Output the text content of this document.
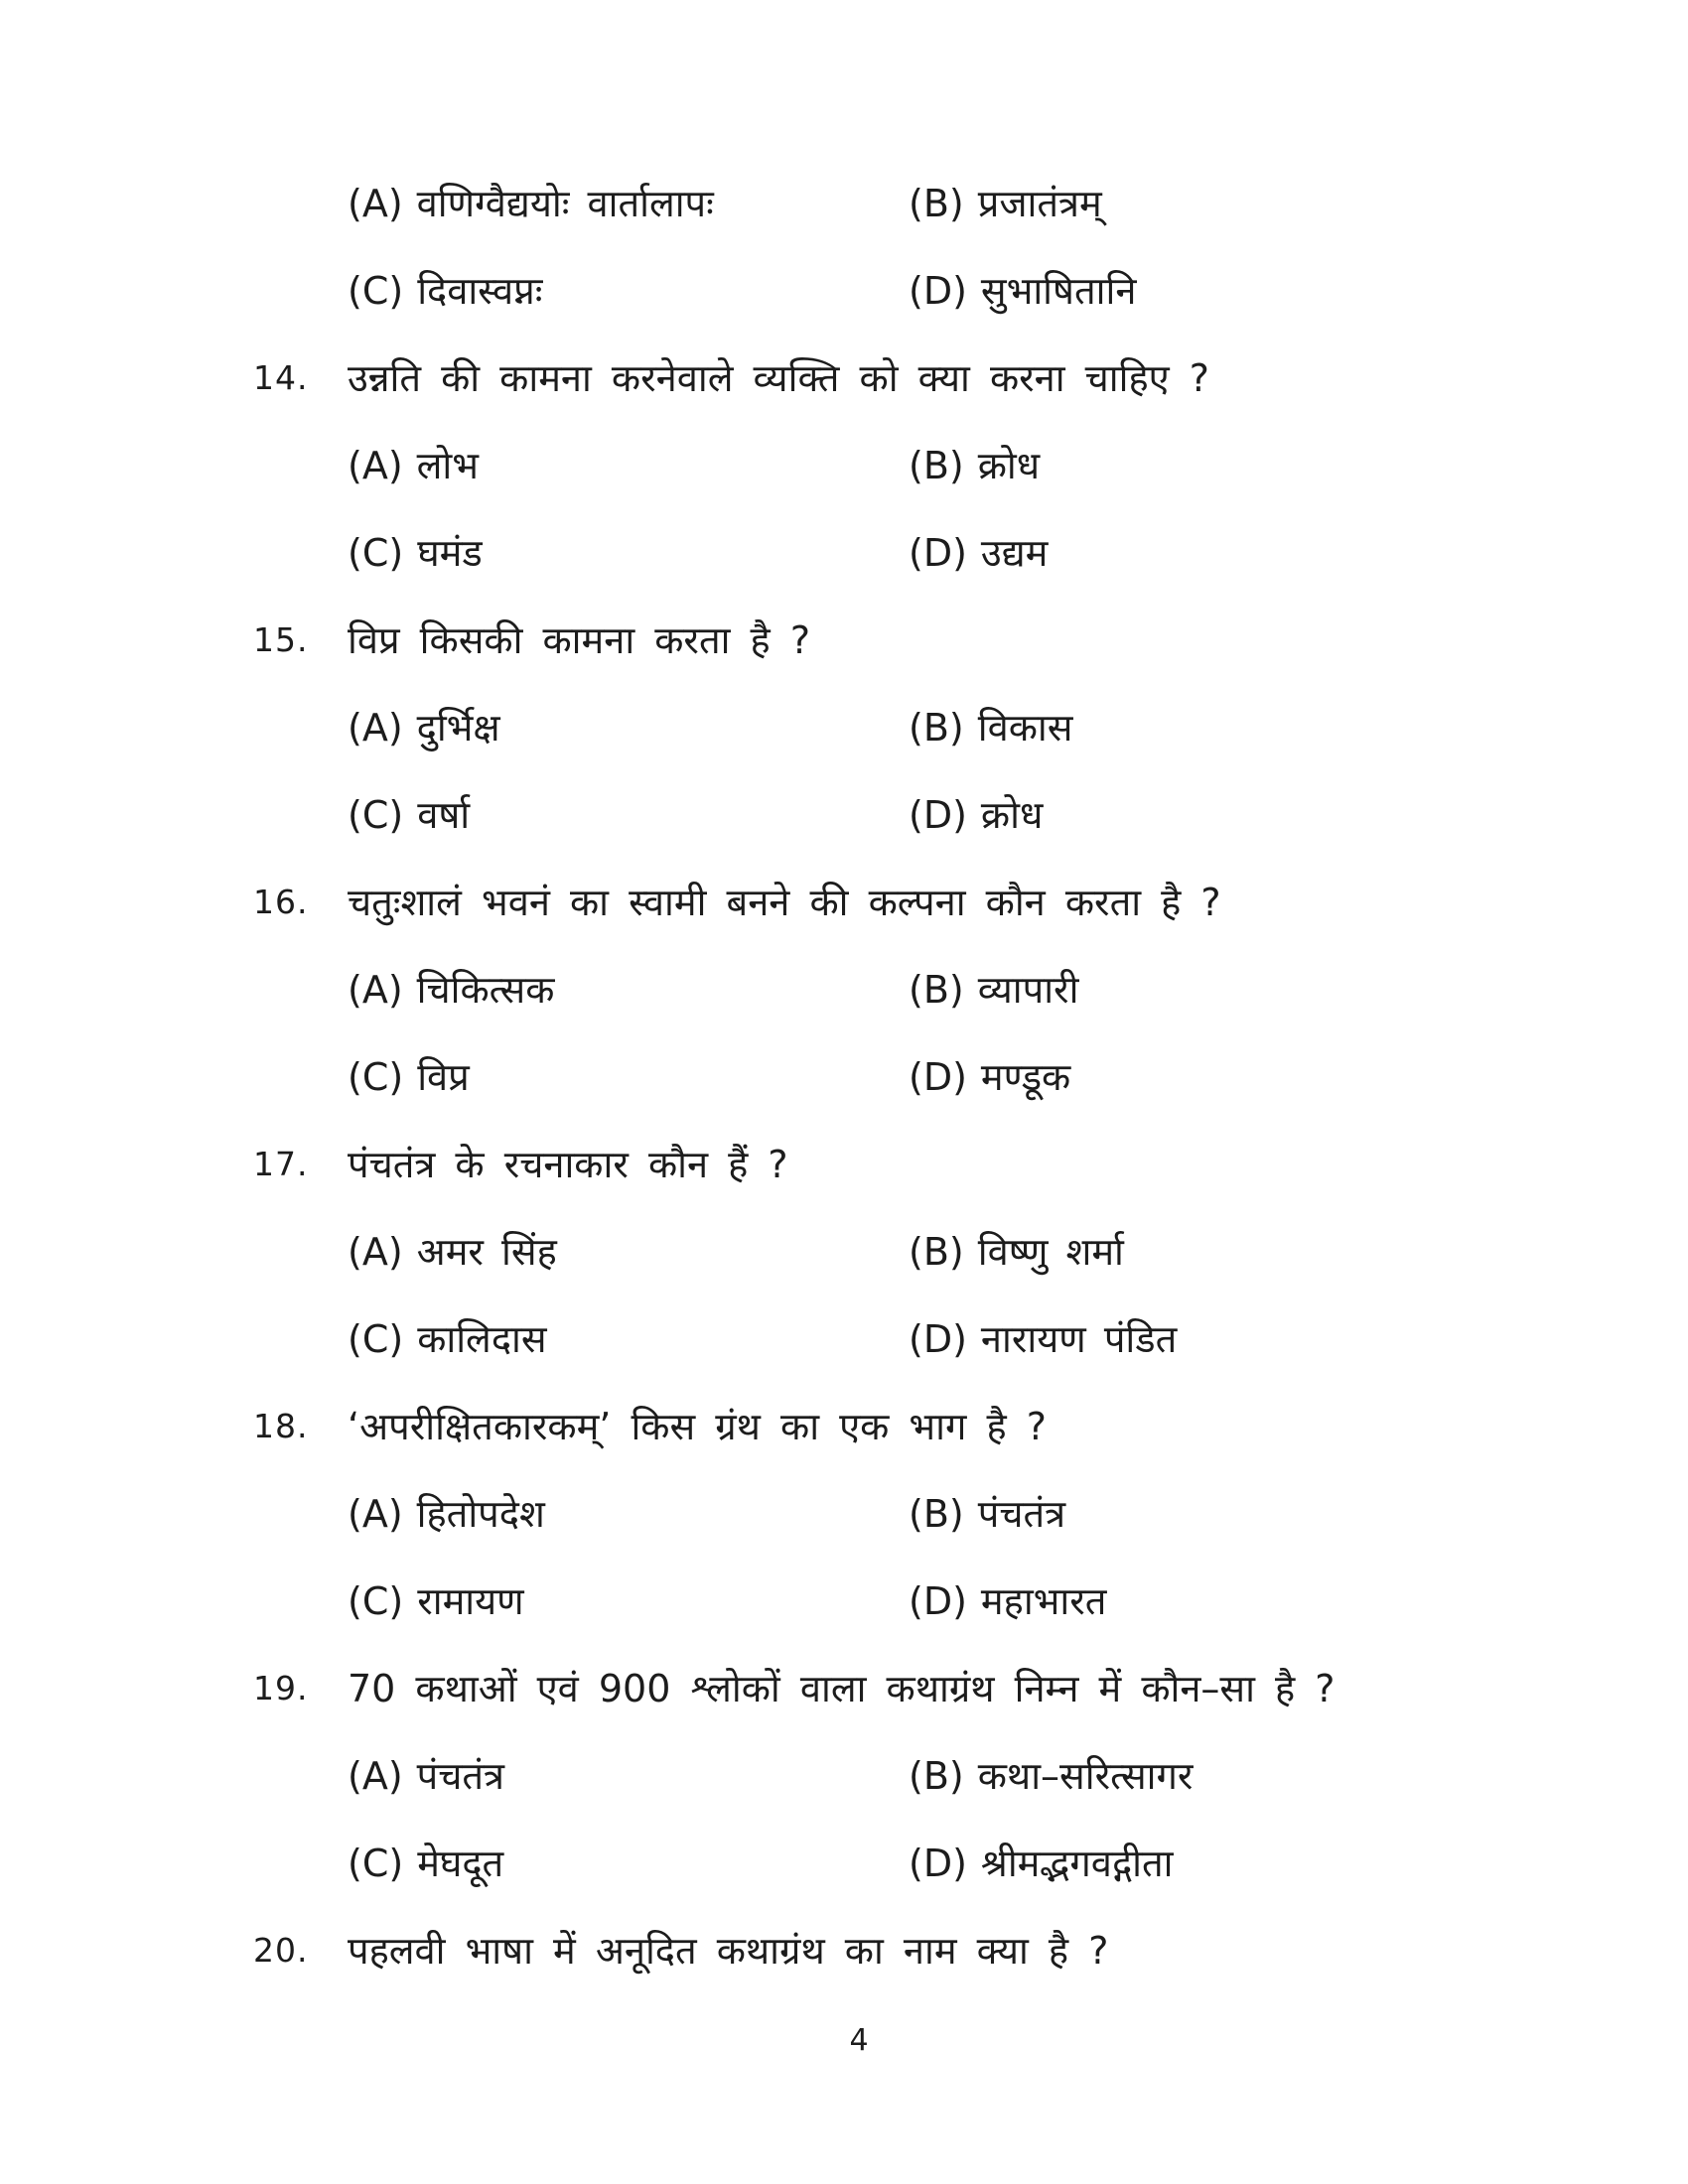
(A) वणिग्वैद्ययोः वार्तालापः	(B) प्रजातंत्रम्
(C) दिवास्वप्नः	(D) सुभाषितानि
14.	उन्नति की कामना करनेवाले व्यक्ति को क्या करना चाहिए ?
(A) लोभ	(B) क्रोध
(C) घमंड	(D) उद्यम
15.	विप्र किसकी कामना करता है ?
(A) दुर्भिक्ष	(B) विकास
(C) वर्षा	(D) क्रोध
16.	चतुःशालं भवनं का स्वामी बनने की कल्पना कौन करता है ?
(A) चिकित्सक	(B) व्यापारी
(C) विप्र	(D) मण्डूक
17.	पंचतंत्र के रचनाकार कौन हैं ?
(A) अमर सिंह	(B) विष्णु शर्मा
(C) कालिदास	(D) नारायण पंडित
18.	‘अपरीक्षितकारकम्’ किस ग्रंथ का एक भाग है ?
(A) हितोपदेश	(B) पंचतंत्र
(C) रामायण	(D) महाभारत
19.	70 कथाओं एवं 900 श्लोकों वाला कथाग्रंथ निम्न में कौन–सा है ?
(A) पंचतंत्र	(B) कथा–सरित्सागर
(C) मेघदूत	(D) श्रीमद्भगवद्गीता
20.	पहलवी भाषा में अनूदित कथाग्रंथ का नाम क्या है ?
4
